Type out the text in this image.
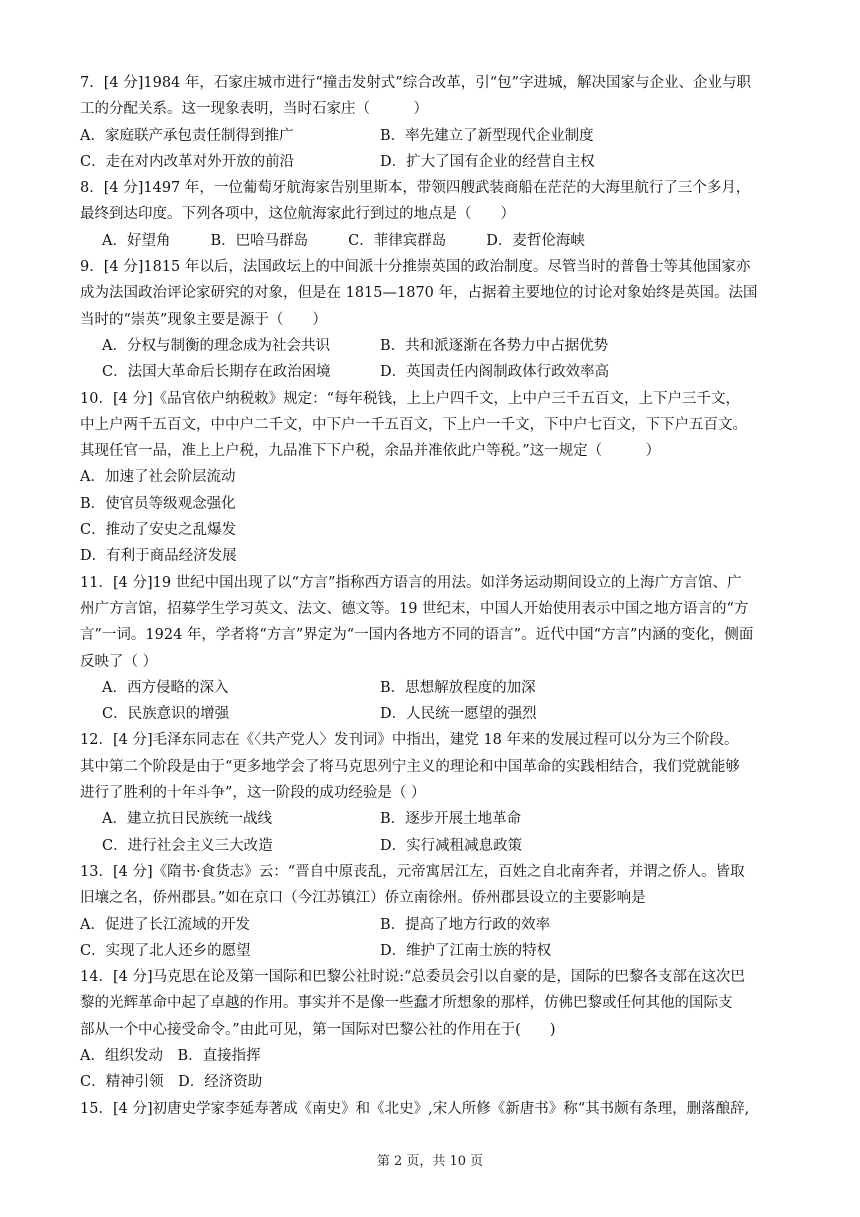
7．[4 分]1984 年，石家庄城市进行“撞击发射式”综合改革，引“包”字进城，解决国家与企业、企业与职
工的分配关系。这一现象表明，当时石家庄（　　　）
A．家庭联产承包责任制得到推广	B．率先建立了新型现代企业制度
C．走在对内改革对外开放的前沿	D．扩大了国有企业的经营自主权
8．[4 分]1497 年，一位葡萄牙航海家告别里斯本，带领四艘武装商船在茫茫的大海里航行了三个多月，
最终到达印度。下列各项中，这位航海家此行到过的地点是（　　）
A．好望角	B．巴哈马群岛	C．菲律宾群岛	D．麦哲伦海峡
9．[4 分]1815 年以后，法国政坛上的中间派十分推崇英国的政治制度。尽管当时的普鲁士等其他国家亦
成为法国政治评论家研究的对象，但是在 1815—1870 年，占据着主要地位的讨论对象始终是英国。法国
当时的“崇英”现象主要是源于（　　）
A．分权与制衡的理念成为社会共识	B．共和派逐渐在各势力中占据优势
C．法国大革命后长期存在政治困境	D．英国责任内阁制政体行政效率高
10．[4 分]《品官依户纳税敕》规定：“每年税钱，上上户四千文，上中户三千五百文，上下户三千文，
中上户两千五百文，中中户二千文，中下户一千五百文，下上户一千文，下中户七百文，下下户五百文。
其现任官一品，准上上户税，九品准下下户税，余品并准依此户等税。”这一规定（　　　）
A．加速了社会阶层流动
B．使官员等级观念强化
C．推动了安史之乱爆发
D．有利于商品经济发展
11．[4 分]19 世纪中国出现了以“方言”指称西方语言的用法。如洋务运动期间设立的上海广方言馆、广
州广方言馆，招募学生学习英文、法文、德文等。19 世纪末，中国人开始使用表示中国之地方语言的“方
言”一词。1924 年，学者将“方言”界定为“一国内各地方不同的语言”。近代中国“方言”内涵的变化，侧面
反映了（ ）
A．西方侵略的深入	B．思想解放程度的加深
C．民族意识的增强	D．人民统一愿望的强烈
12．[4 分]毛泽东同志在《〈共产党人〉发刊词》中指出，建党 18 年来的发展过程可以分为三个阶段。
其中第二个阶段是由于“更多地学会了将马克思列宁主义的理论和中国革命的实践相结合，我们党就能够
进行了胜利的十年斗争”，这一阶段的成功经验是（ ）
A．建立抗日民族统一战线	B．逐步开展土地革命
C．进行社会主义三大改造	D．实行减租减息政策
13．[4 分]《隋书·食货志》云：“晋自中原丧乱，元帝寓居江左，百姓之自北南奔者，并谓之侨人。皆取
旧壤之名，侨州郡县。”如在京口（今江苏镇江）侨立南徐州。侨州郡县设立的主要影响是
A．促进了长江流域的开发	B．提高了地方行政的效率
C．实现了北人还乡的愿望	D．维护了江南士族的特权
14．[4 分]马克思在论及第一国际和巴黎公社时说:“总委员会引以自豪的是，国际的巴黎各支部在这次巴
黎的光辉革命中起了卓越的作用。事实并不是像一些蠢才所想象的那样，仿佛巴黎或任何其他的国际支
部从一个中心接受命令。”由此可见，第一国际对巴黎公社的作用在于(　　)
A．组织发动　B．直接指挥
C．精神引领　D．经济资助
15．[4 分]初唐史学家李延寿著成《南史》和《北史》,宋人所修《新唐书》称“其书颇有条理，删落酿辞,
第 2 页，共 10 页
